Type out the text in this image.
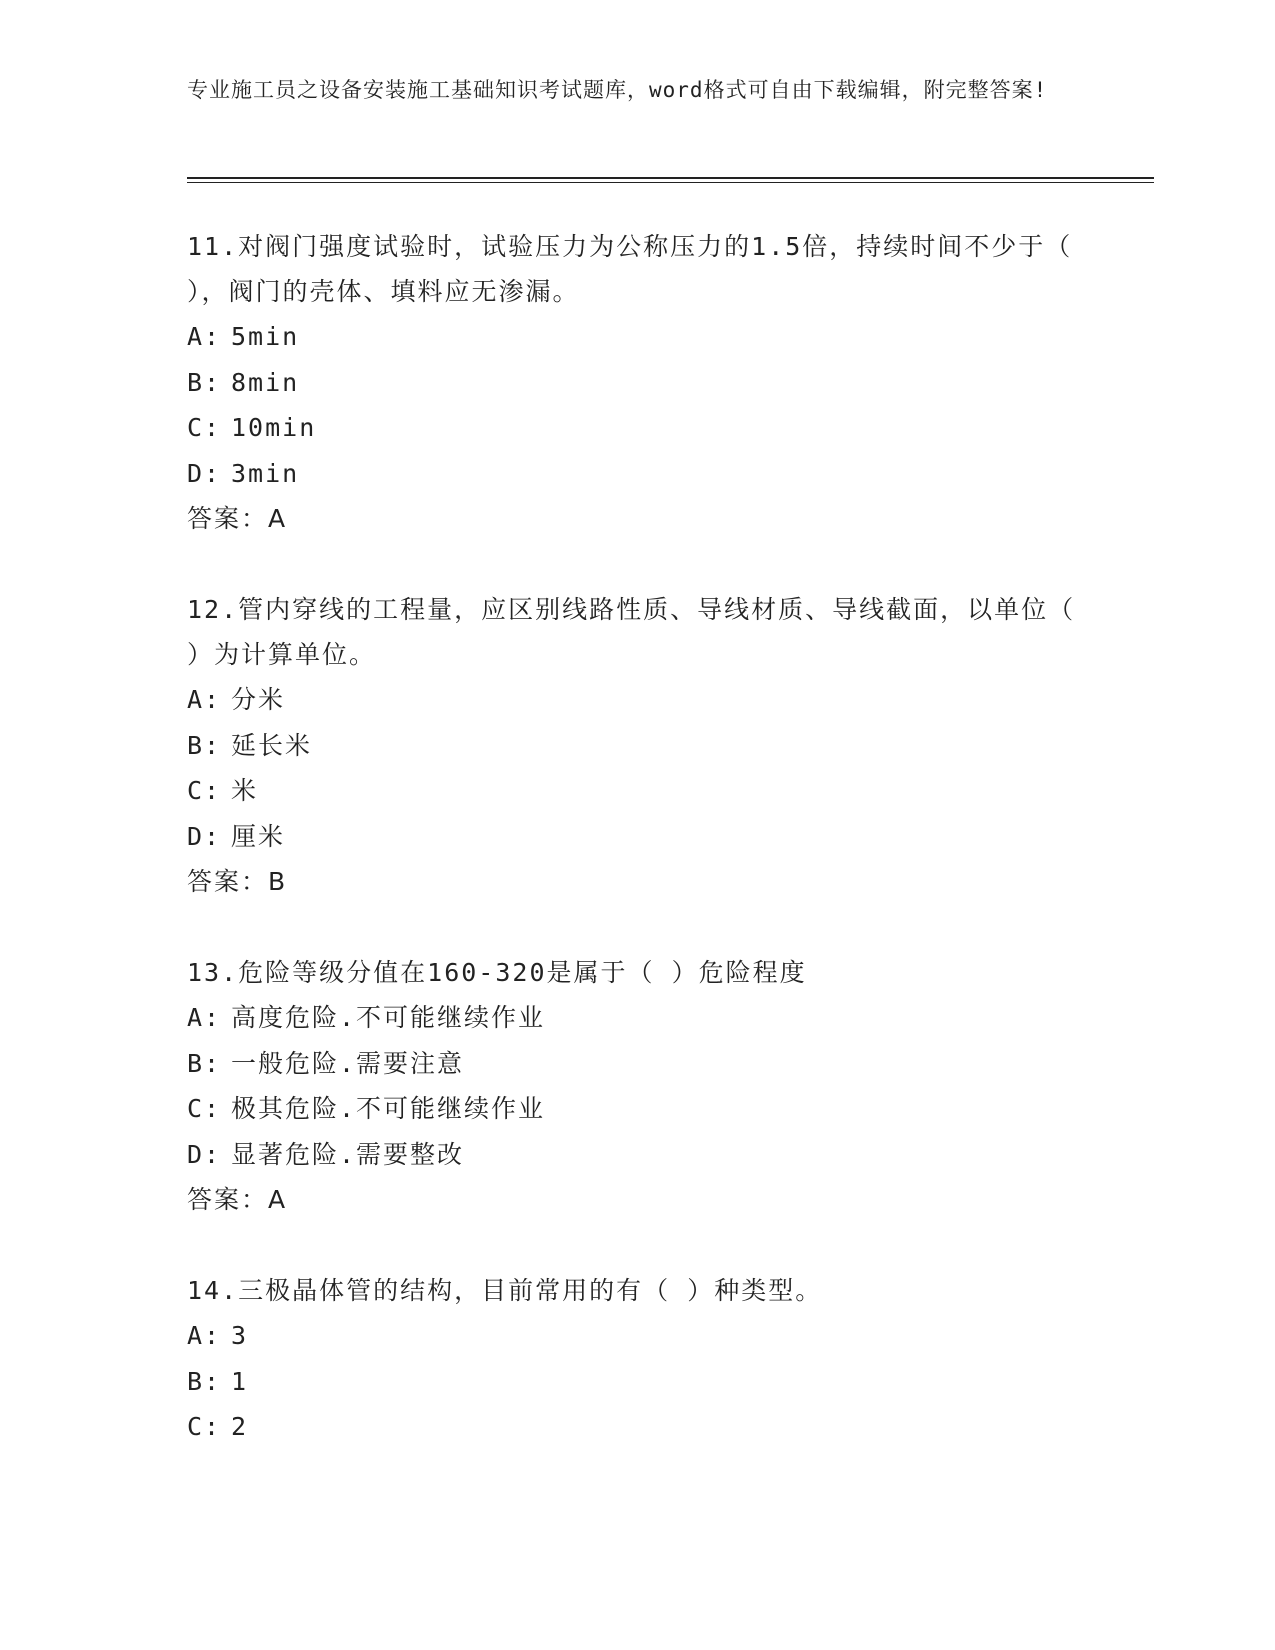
专业施工员之设备安装施工基础知识考试题库，word格式可自由下载编辑，附完整答案!
11.对阀门强度试验时，试验压力为公称压力的1.5倍，持续时间不少于（ ），阀门的壳体、填料应无渗漏。
A: 5min
B: 8min
C: 10min
D: 3min
答案：A
12.管内穿线的工程量，应区别线路性质、导线材质、导线截面，以单位（ ）为计算单位。
A: 分米
B: 延长米
C: 米
D: 厘米
答案：B
13.危险等级分值在160-320是属于（ ）危险程度
A: 高度危险.不可能继续作业
B: 一般危险.需要注意
C: 极其危险.不可能继续作业
D: 显著危险.需要整改
答案：A
14.三极晶体管的结构，目前常用的有（ ）种类型。
A: 3
B: 1
C: 2
